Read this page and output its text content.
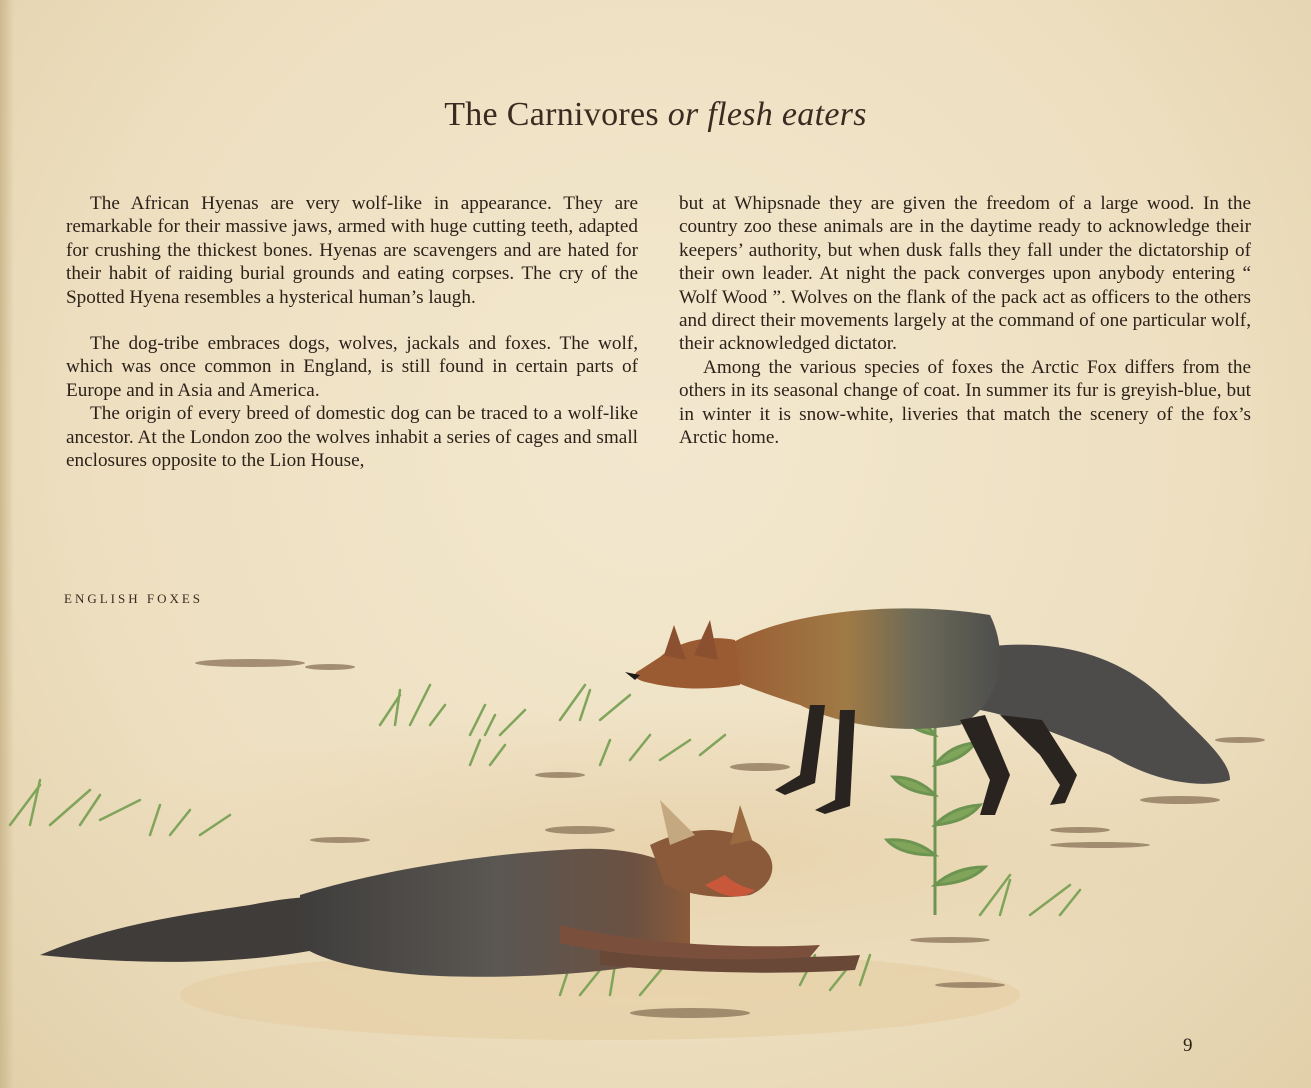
The Carnivores or flesh eaters

The African Hyenas are very wolf-like in appearance. They are remarkable for their massive jaws, armed with huge cutting teeth, adapted for crushing the thickest bones. Hyenas are scavengers and are hated for their habit of raiding burial grounds and eating corpses. The cry of the Spotted Hyena resembles a hysterical human’s laugh.

The dog-tribe embraces dogs, wolves, jackals and foxes. The wolf, which was once common in England, is still found in certain parts of Europe and in Asia and America.

The origin of every breed of domestic dog can be traced to a wolf-like ancestor. At the London zoo the wolves inhabit a series of cages and small enclosures opposite to the Lion House,

but at Whipsnade they are given the freedom of a large wood. In the country zoo these animals are in the daytime ready to acknowledge their keepers’ authority, but when dusk falls they fall under the dictatorship of their own leader. At night the pack converges upon anybody entering “ Wolf Wood ”. Wolves on the flank of the pack act as officers to the others and direct their movements largely at the command of one particular wolf, their acknowledged dictator.

Among the various species of foxes the Arctic Fox differs from the others in its seasonal change of coat. In summer its fur is greyish-blue, but in winter it is snow-white, liveries that match the scenery of the fox’s Arctic home.

ENGLISH FOXES
9
